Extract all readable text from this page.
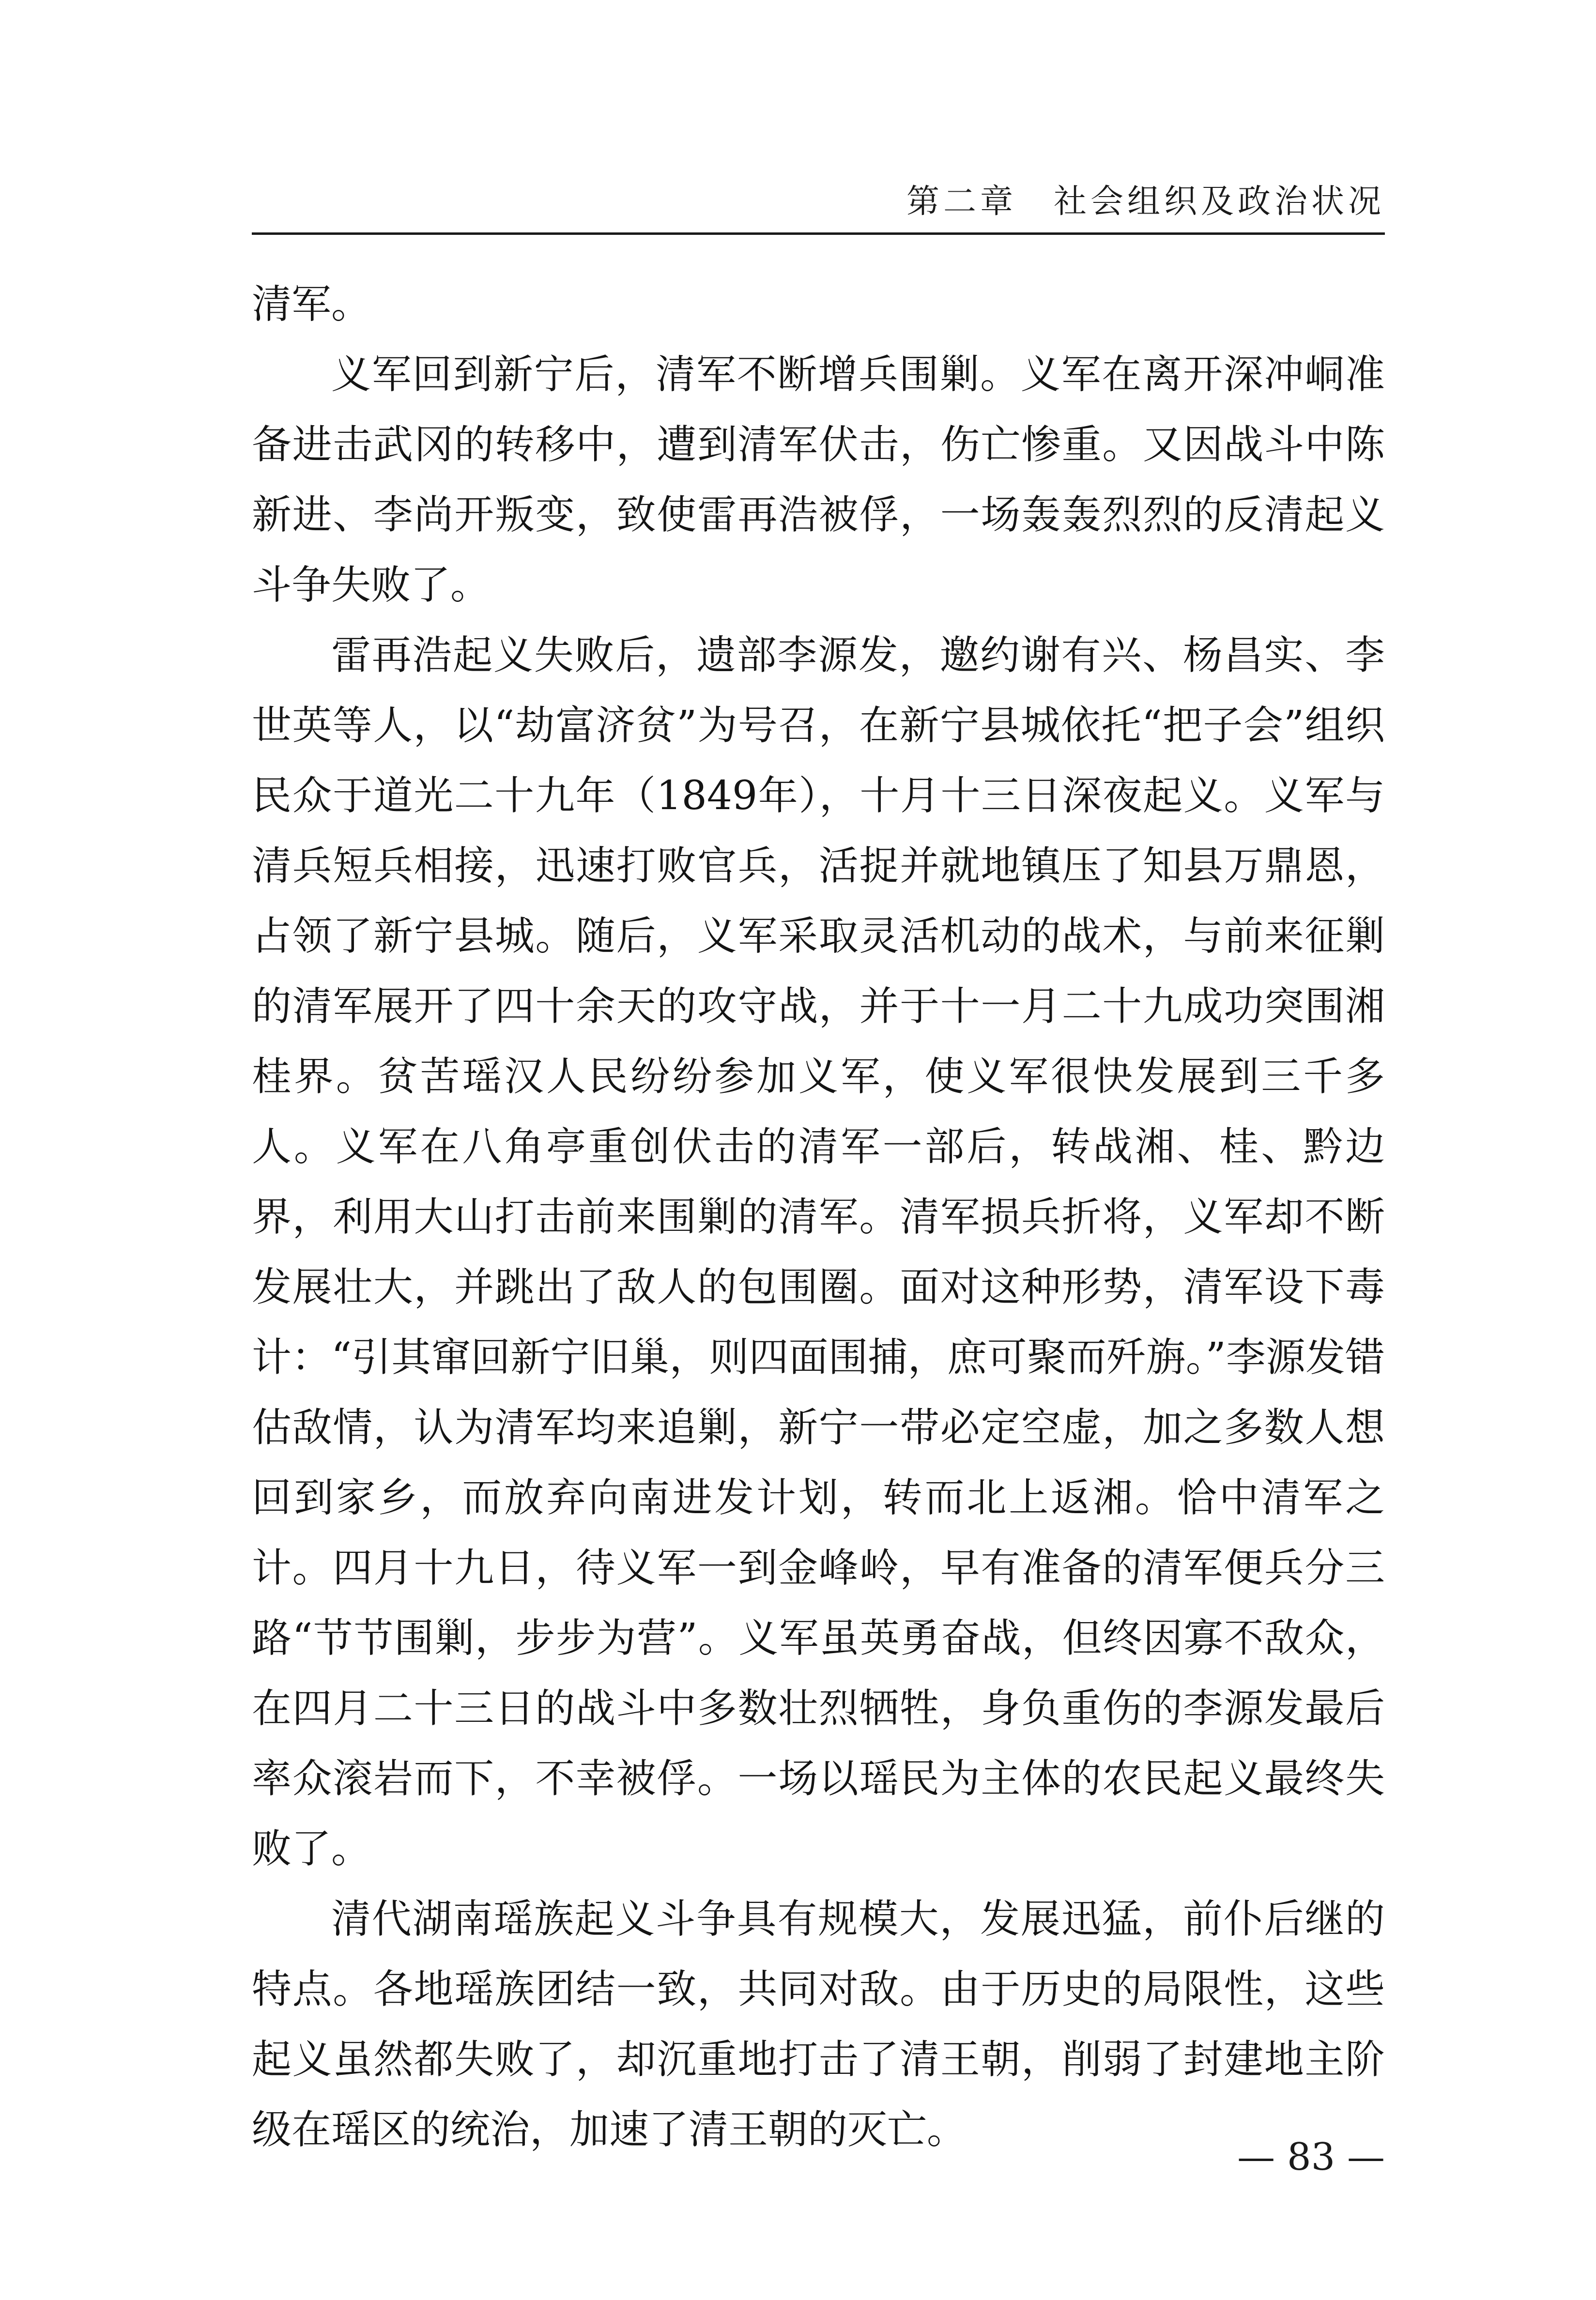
第二章　社会组织及政治状况

清军。

义军回到新宁后，清军不断增兵围剿。义军在离开深冲峒准备进击武冈的转移中，遭到清军伏击，伤亡惨重。又因战斗中陈新进、李尚开叛变，致使雷再浩被俘，一场轰轰烈烈的反清起义斗争失败了。

雷再浩起义失败后，遗部李源发，邀约谢有兴、杨昌实、李世英等人，以“劫富济贫”为号召，在新宁县城依托“把子会”组织民众于道光二十九年（1849年），十月十三日深夜起义。义军与清兵短兵相接，迅速打败官兵，活捉并就地镇压了知县万鼎恩，占领了新宁县城。随后，义军采取灵活机动的战术，与前来征剿的清军展开了四十余天的攻守战，并于十一月二十九成功突围湘桂界。贫苦瑶汉人民纷纷参加义军，使义军很快发展到三千多人。义军在八角亭重创伏击的清军一部后，转战湘、桂、黔边界，利用大山打击前来围剿的清军。清军损兵折将，义军却不断发展壮大，并跳出了敌人的包围圈。面对这种形势，清军设下毒计：“引其窜回新宁旧巢，则四面围捕，庶可聚而歼旃。”李源发错估敌情，认为清军均来追剿，新宁一带必定空虚，加之多数人想回到家乡，而放弃向南进发计划，转而北上返湘。恰中清军之计。四月十九日，待义军一到金峰岭，早有准备的清军便兵分三路“节节围剿，步步为营”。义军虽英勇奋战，但终因寡不敌众，在四月二十三日的战斗中多数壮烈牺牲，身负重伤的李源发最后率众滚岩而下，不幸被俘。一场以瑶民为主体的农民起义最终失败了。

清代湖南瑶族起义斗争具有规模大，发展迅猛，前仆后继的特点。各地瑶族团结一致，共同对敌。由于历史的局限性，这些起义虽然都失败了，却沉重地打击了清王朝，削弱了封建地主阶级在瑶区的统治，加速了清王朝的灭亡。

— 83 —
